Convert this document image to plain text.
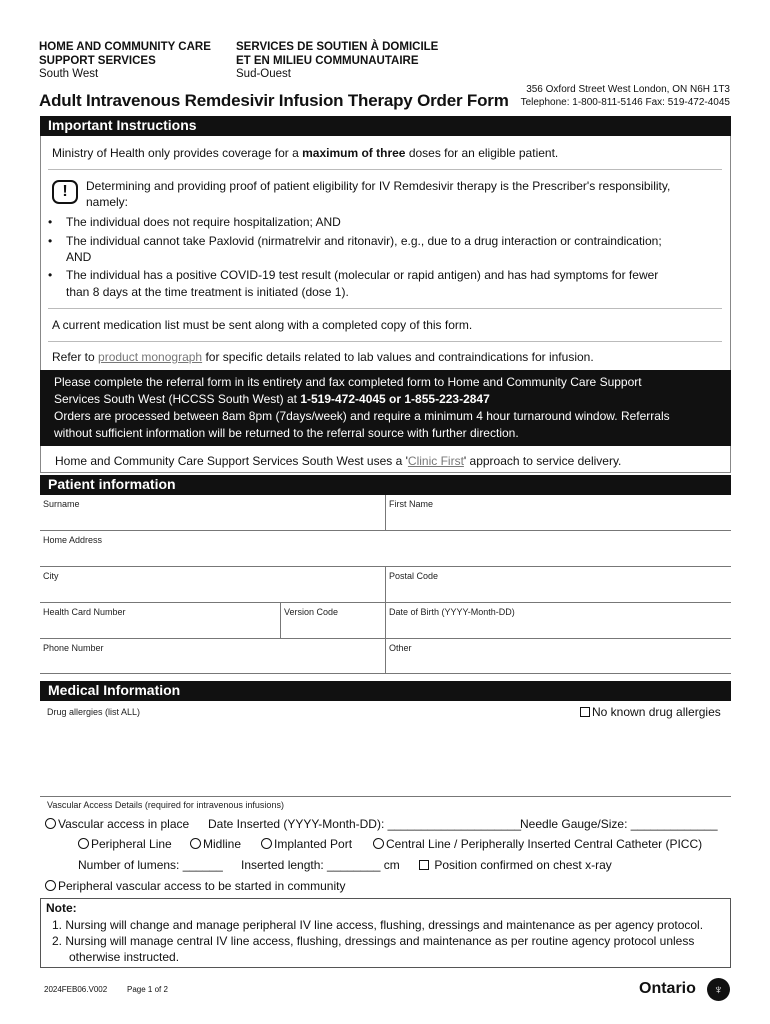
HOME AND COMMUNITY CARE
SUPPORT SERVICES
South West
SERVICES DE SOUTIEN À DOMICILE
ET EN MILIEU COMMUNAUTAIRE
Sud-Ouest
Adult Intravenous Remdesivir Infusion Therapy Order Form
356 Oxford Street West London, ON N6H 1T3
Telephone: 1-800-811-5146 Fax: 519-472-4045
Important Instructions
Ministry of Health only provides coverage for a maximum of three doses for an eligible patient.
!	Determining and providing proof of patient eligibility for IV Remdesivir therapy is the Prescriber's responsibility,
namely:
• The individual does not require hospitalization; AND
• The individual cannot take Paxlovid (nirmatrelvir and ritonavir), e.g., due to a drug interaction or contraindication;
AND
• The individual has a positive COVID-19 test result (molecular or rapid antigen) and has had symptoms for fewer
than 8 days at the time treatment is initiated (dose 1).
A current medication list must be sent along with a completed copy of this form.
Refer to product monograph for specific details related to lab values and contraindications for infusion.
Please complete the referral form in its entirety and fax completed form to Home and Community Care Support
Services South West (HCCSS South West) at 1-519-472-4045 or 1-855-223-2847
Orders are processed between 8am 8pm (7days/week) and require a minimum 4 hour turnaround window. Referrals
without sufficient information will be returned to the referral source with further direction.
Home and Community Care Support Services South West uses a 'Clinic First' approach to service delivery.
Patient information
Surname	First Name
Home Address
City	Postal Code
Health Card Number	Version Code	Date of Birth (YYYY-Month-DD)
Phone Number	Other
Medical Information
Drug allergies (list ALL)	No known drug allergies
Vascular Access Details (required for intravenous infusions)
Vascular access in place Date Inserted (YYYY-Month-DD): ____________________
Needle Gauge/Size: _____________
Peripheral Line	Midline	Implanted Port	Central Line / Peripherally Inserted Central Catheter (PICC)
Number of lumens: ______ Inserted length: ________ cm	Position confirmed on chest x-ray
Peripheral vascular access to be started in community
Note:
1. Nursing will change and manage peripheral IV line access, flushing, dressings and maintenance as per agency protocol.
2. Nursing will manage central IV line access, flushing, dressings and maintenance as per routine agency protocol unless
otherwise instructed.
2024FEB06.V002 Page 1 of 2	Ontario	♆
